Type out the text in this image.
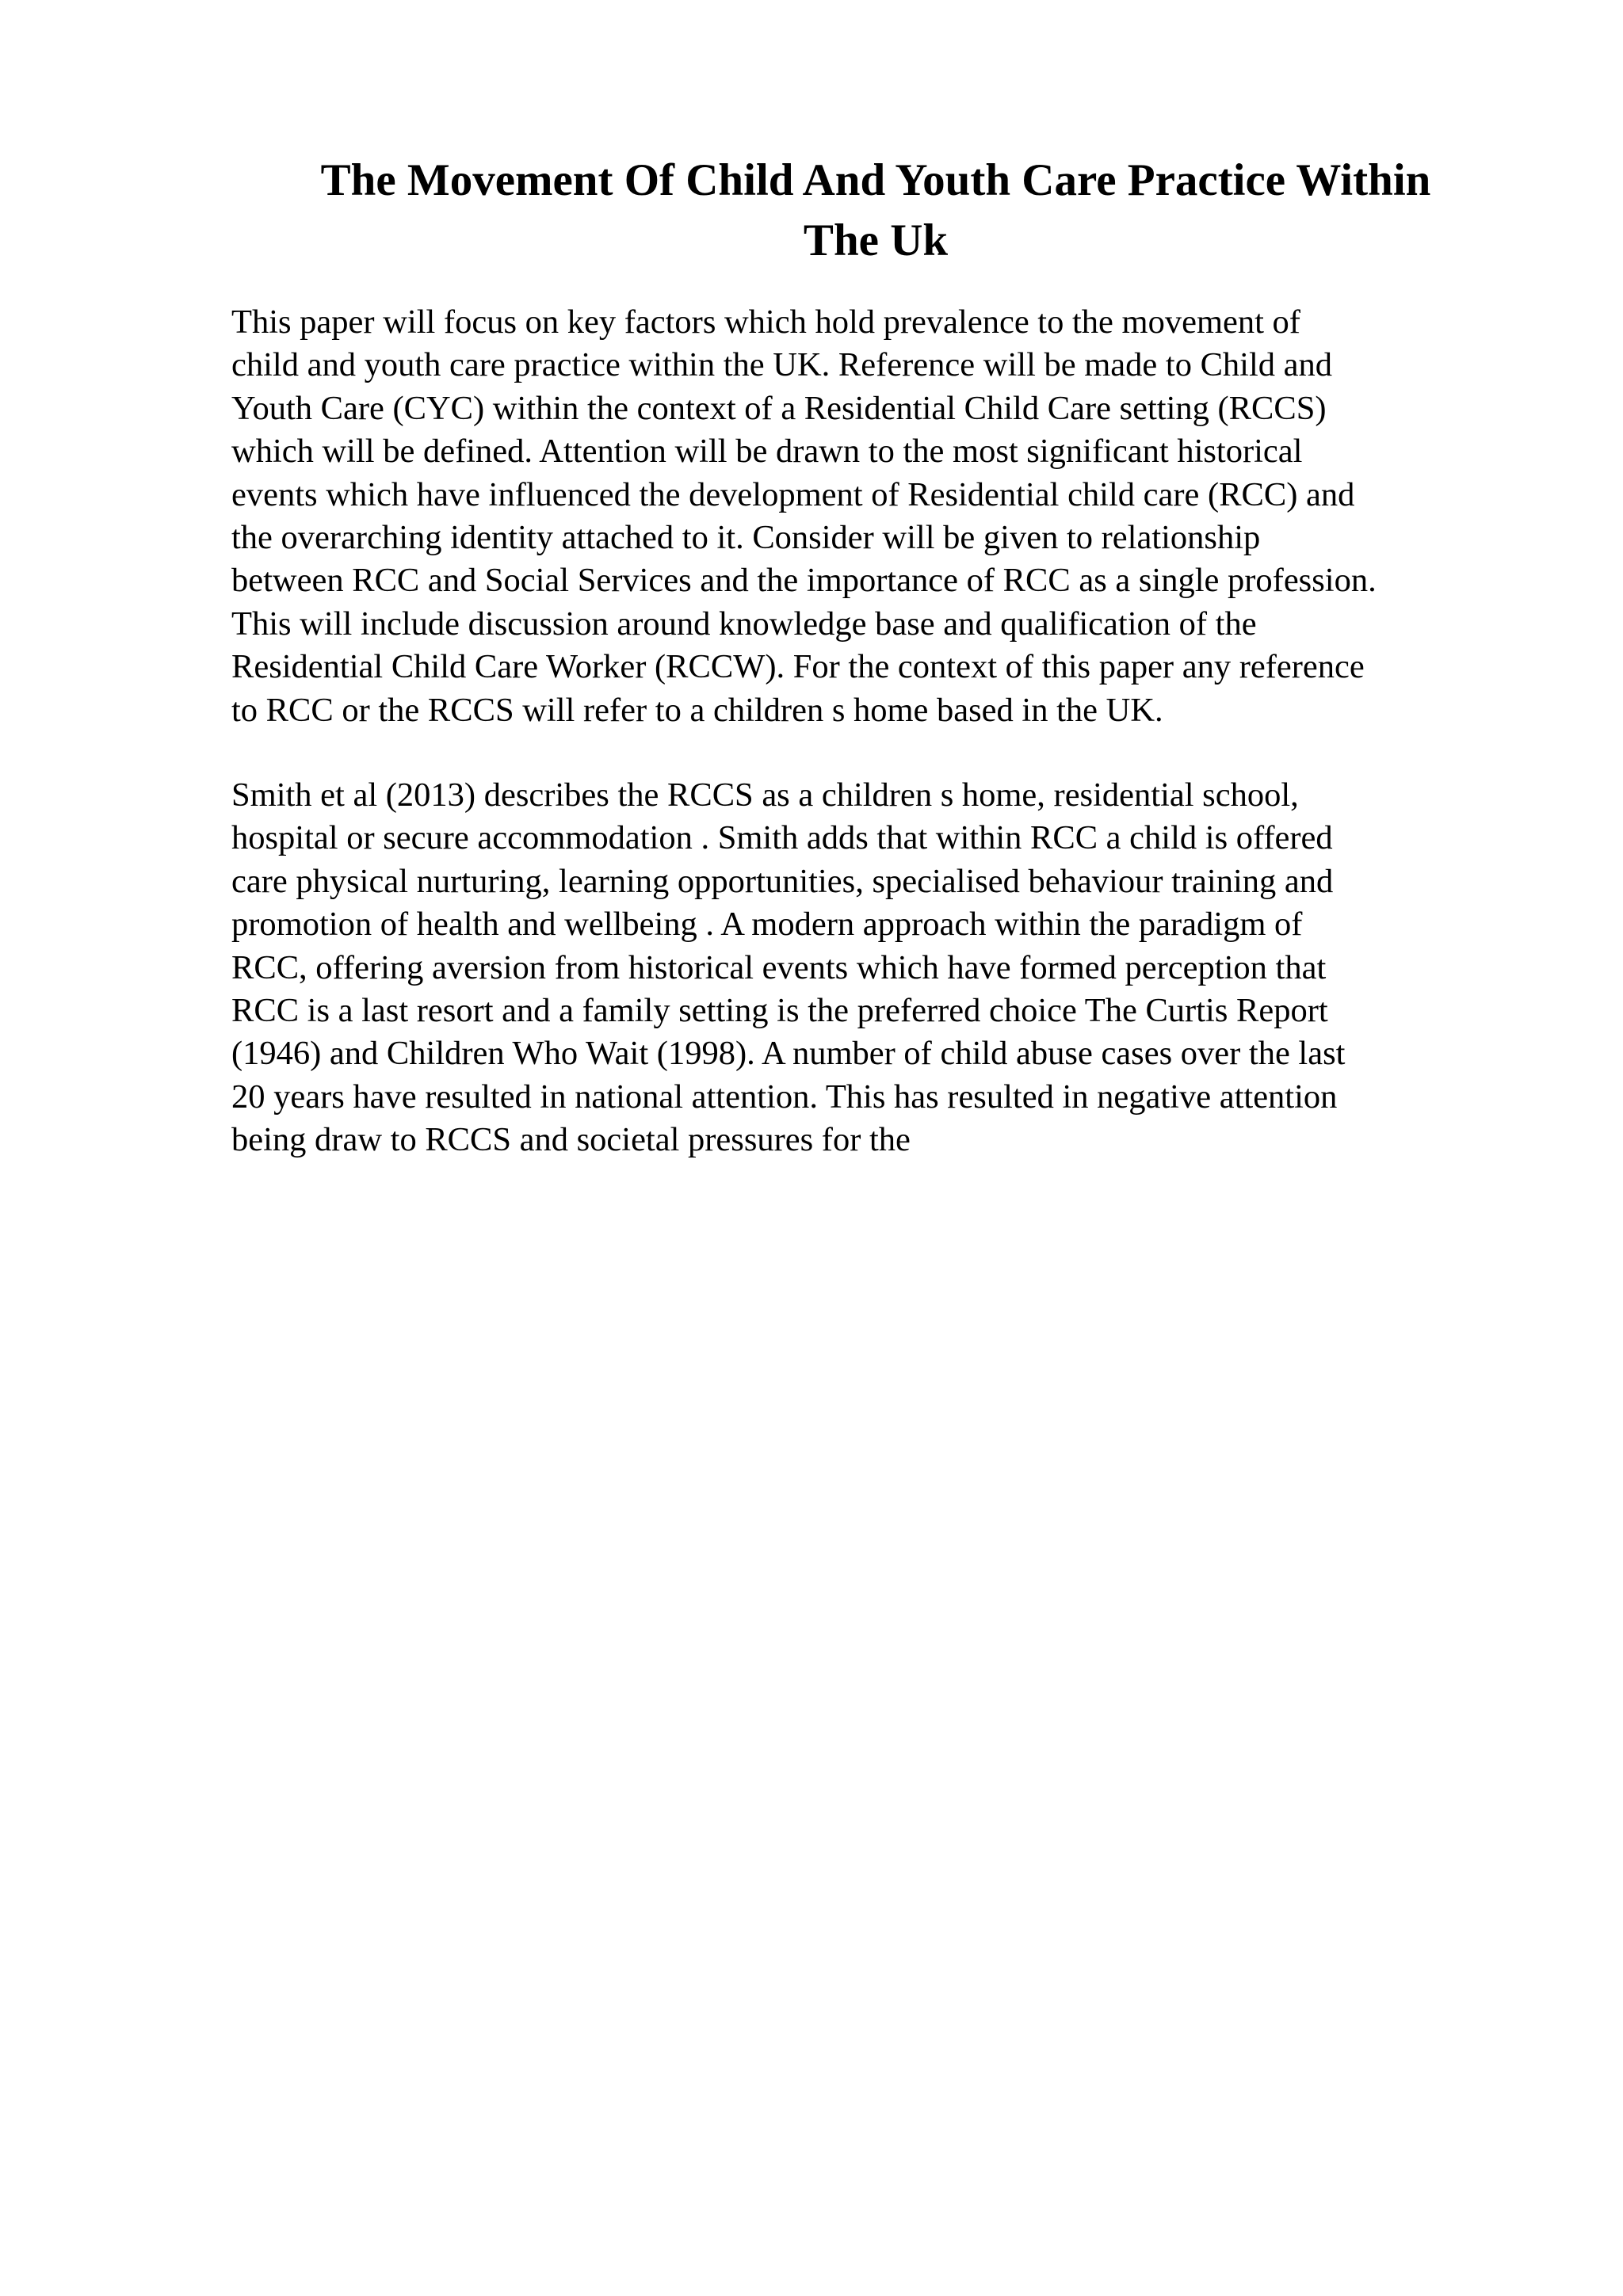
The Movement Of Child And Youth Care Practice Within
The Uk

This paper will focus on key factors which hold prevalence to the movement of
child and youth care practice within the UK. Reference will be made to Child and
Youth Care (CYC) within the context of a Residential Child Care setting (RCCS)
which will be defined. Attention will be drawn to the most significant historical
events which have influenced the development of Residential child care (RCC) and
the overarching identity attached to it. Consider will be given to relationship
between RCC and Social Services and the importance of RCC as a single profession.
This will include discussion around knowledge base and qualification of the
Residential Child Care Worker (RCCW). For the context of this paper any reference
to RCC or the RCCS will refer to a children s home based in the UK.

Smith et al (2013) describes the RCCS as a children s home, residential school,
hospital or secure accommodation . Smith adds that within RCC a child is offered
care physical nurturing, learning opportunities, specialised behaviour training and
promotion of health and wellbeing . A modern approach within the paradigm of
RCC, offering aversion from historical events which have formed perception that
RCC is a last resort and a family setting is the preferred choice The Curtis Report
(1946) and Children Who Wait (1998). A number of child abuse cases over the last
20 years have resulted in national attention. This has resulted in negative attention
being draw to RCCS and societal pressures for the
